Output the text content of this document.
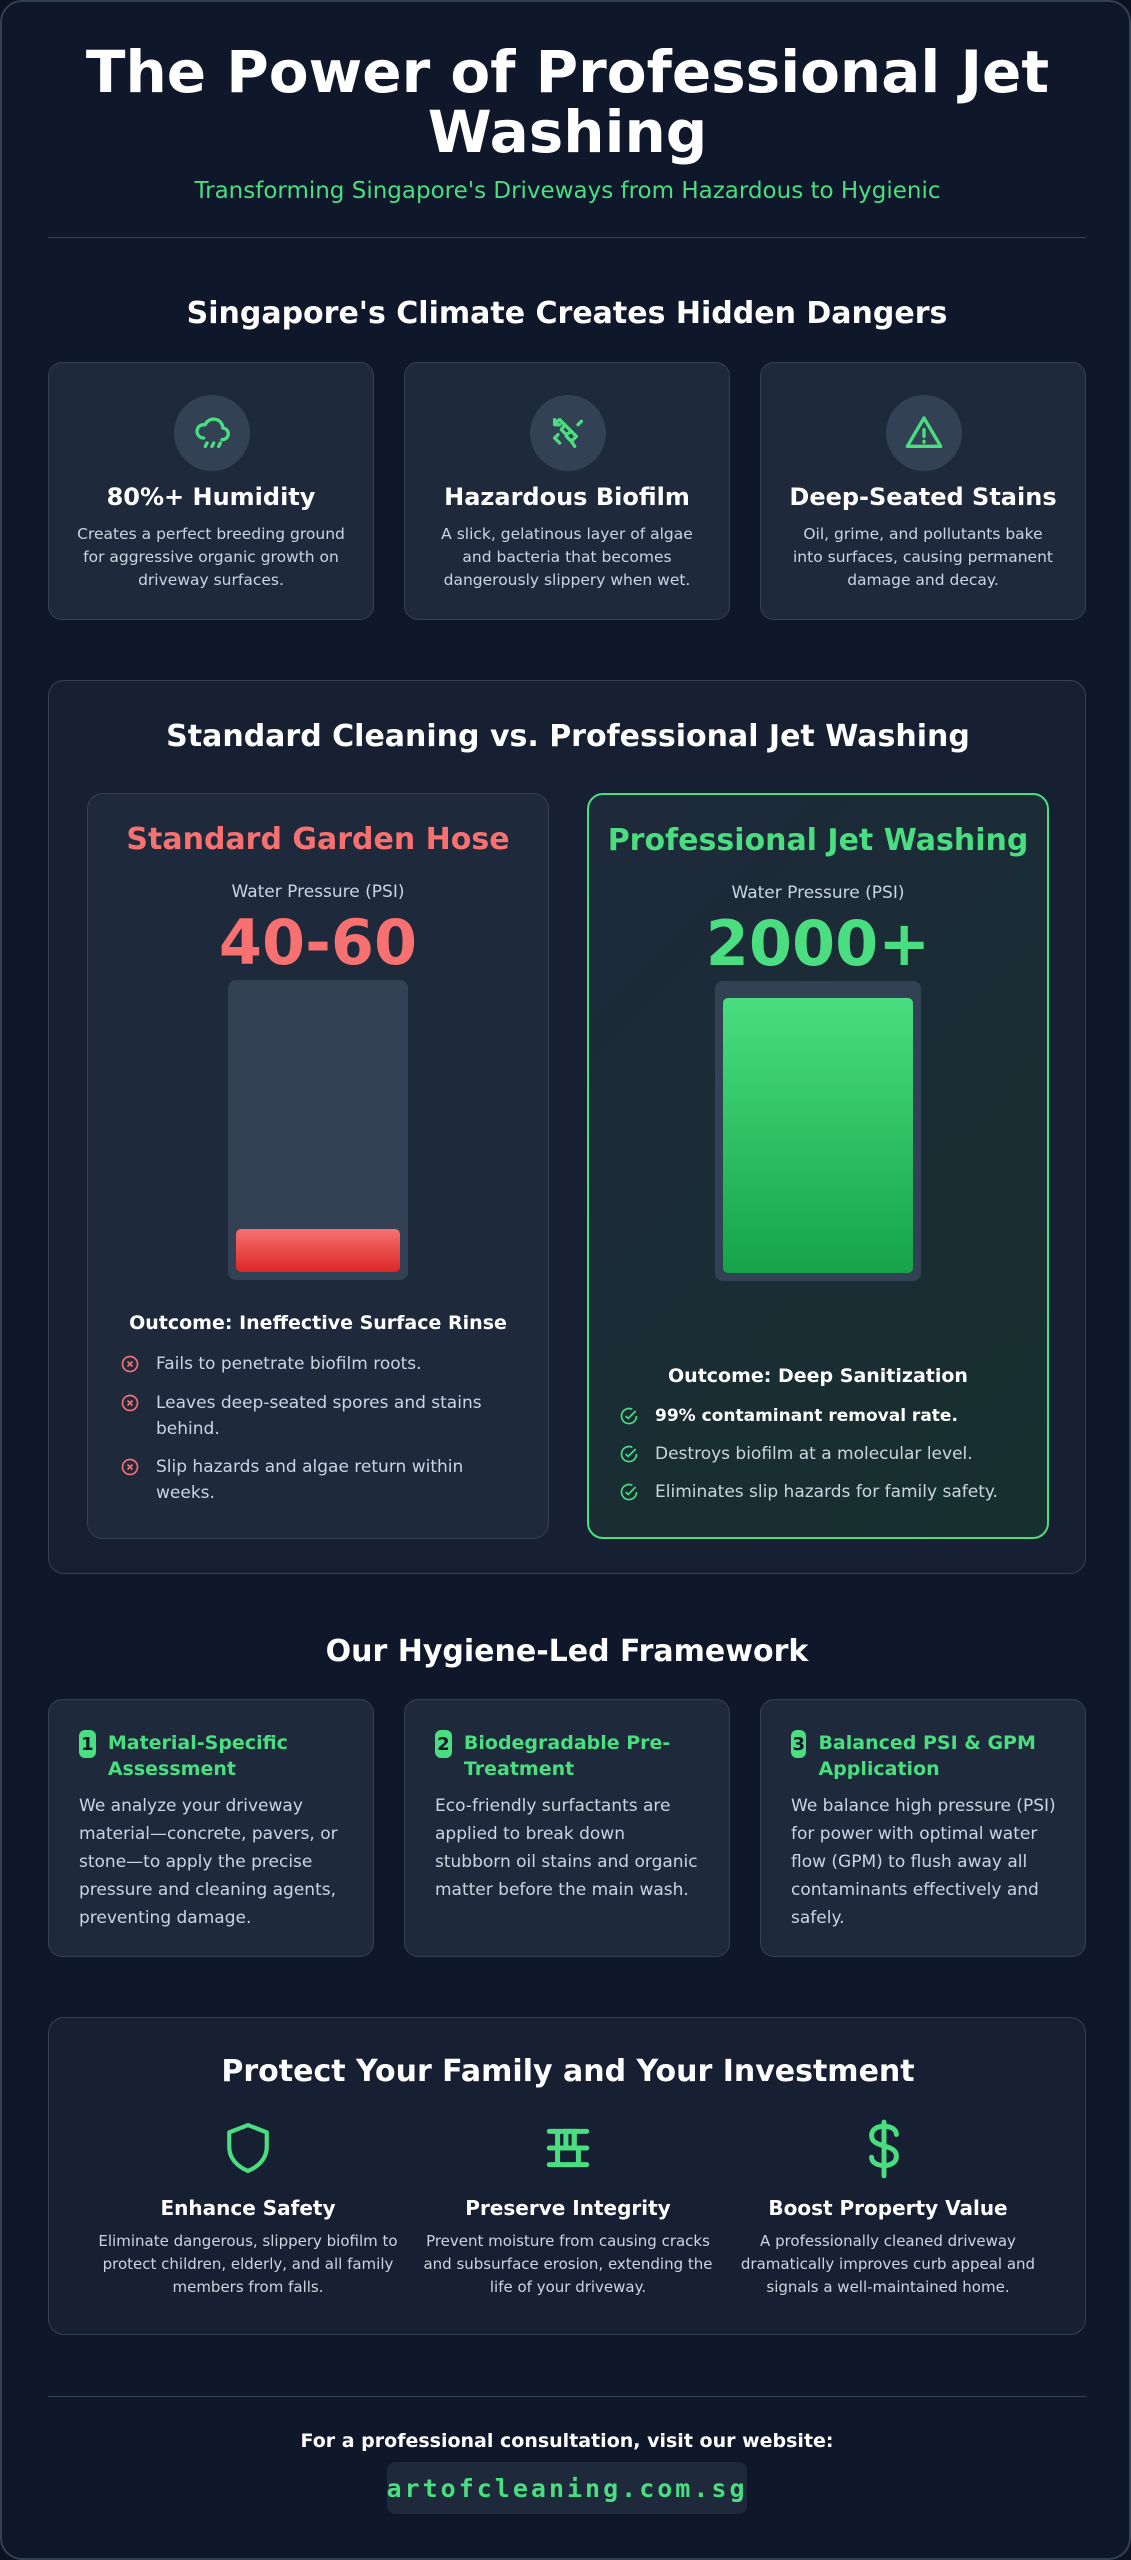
The Power of Professional Jet Washing
Transforming Singapore's Driveways from Hazardous to Hygienic
Singapore's Climate Creates Hidden Dangers
80%+ Humidity
Creates a perfect breeding ground for aggressive organic growth on driveway surfaces.
Hazardous Biofilm
A slick, gelatinous layer of algae and bacteria that becomes dangerously slippery when wet.
Deep-Seated Stains
Oil, grime, and pollutants bake into surfaces, causing permanent damage and decay.
Standard Cleaning vs. Professional Jet Washing
Standard Garden Hose
Water Pressure (PSI)
40-60
Outcome: Ineffective Surface Rinse
Fails to penetrate biofilm roots.
Leaves deep-seated spores and stains behind.
Slip hazards and algae return within weeks.
Professional Jet Washing
Water Pressure (PSI)
2000+
Outcome: Deep Sanitization
99% contaminant removal rate.
Destroys biofilm at a molecular level.
Eliminates slip hazards for family safety.
Our Hygiene-Led Framework
1 Material-Specific Assessment
We analyze your driveway material—concrete, pavers, or stone—to apply the precise pressure and cleaning agents, preventing damage.
2 Biodegradable Pre-Treatment
Eco-friendly surfactants are applied to break down stubborn oil stains and organic matter before the main wash.
3 Balanced PSI & GPM Application
We balance high pressure (PSI) for power with optimal water flow (GPM) to flush away all contaminants effectively and safely.
Protect Your Family and Your Investment
Enhance Safety
Eliminate dangerous, slippery biofilm to protect children, elderly, and all family members from falls.
Preserve Integrity
Prevent moisture from causing cracks and subsurface erosion, extending the life of your driveway.
Boost Property Value
A professionally cleaned driveway dramatically improves curb appeal and signals a well-maintained home.
For a professional consultation, visit our website:
artofcleaning.com.sg
